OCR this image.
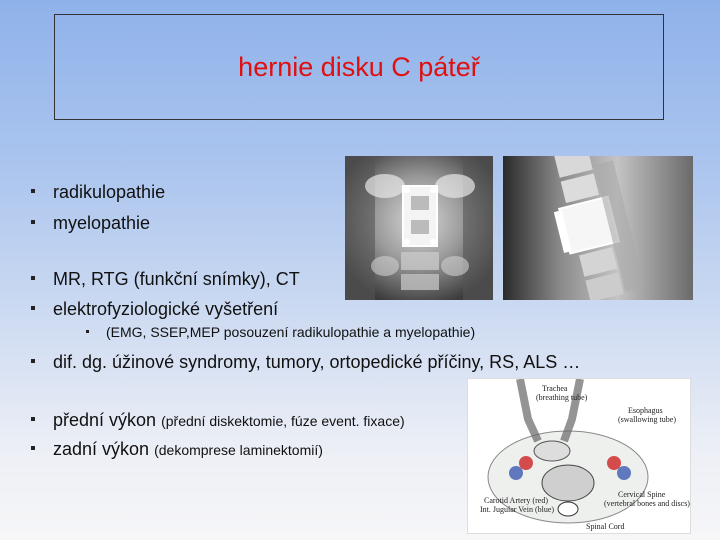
hernie disku C páteř
radikulopathie
myelopathie
MR, RTG (funkční snímky), CT
elektrofyziologické vyšetření
(EMG, SSEP,MEP posouzení radikulopathie a myelopathie)
dif. dg. úžinové syndromy, tumory, ortopedické příčiny, RS, ALS …
přední výkon (přední diskektomie, fúze event. fixace)
zadní výkon (dekomprese laminektomií)
Trachea
(breathing tube)
Esophagus
(swallowing tube)
Carotid Artery (red)
Int. Jugular Vein (blue)
Cervical Spine
(vertebral bones and discs)
Spinal Cord
